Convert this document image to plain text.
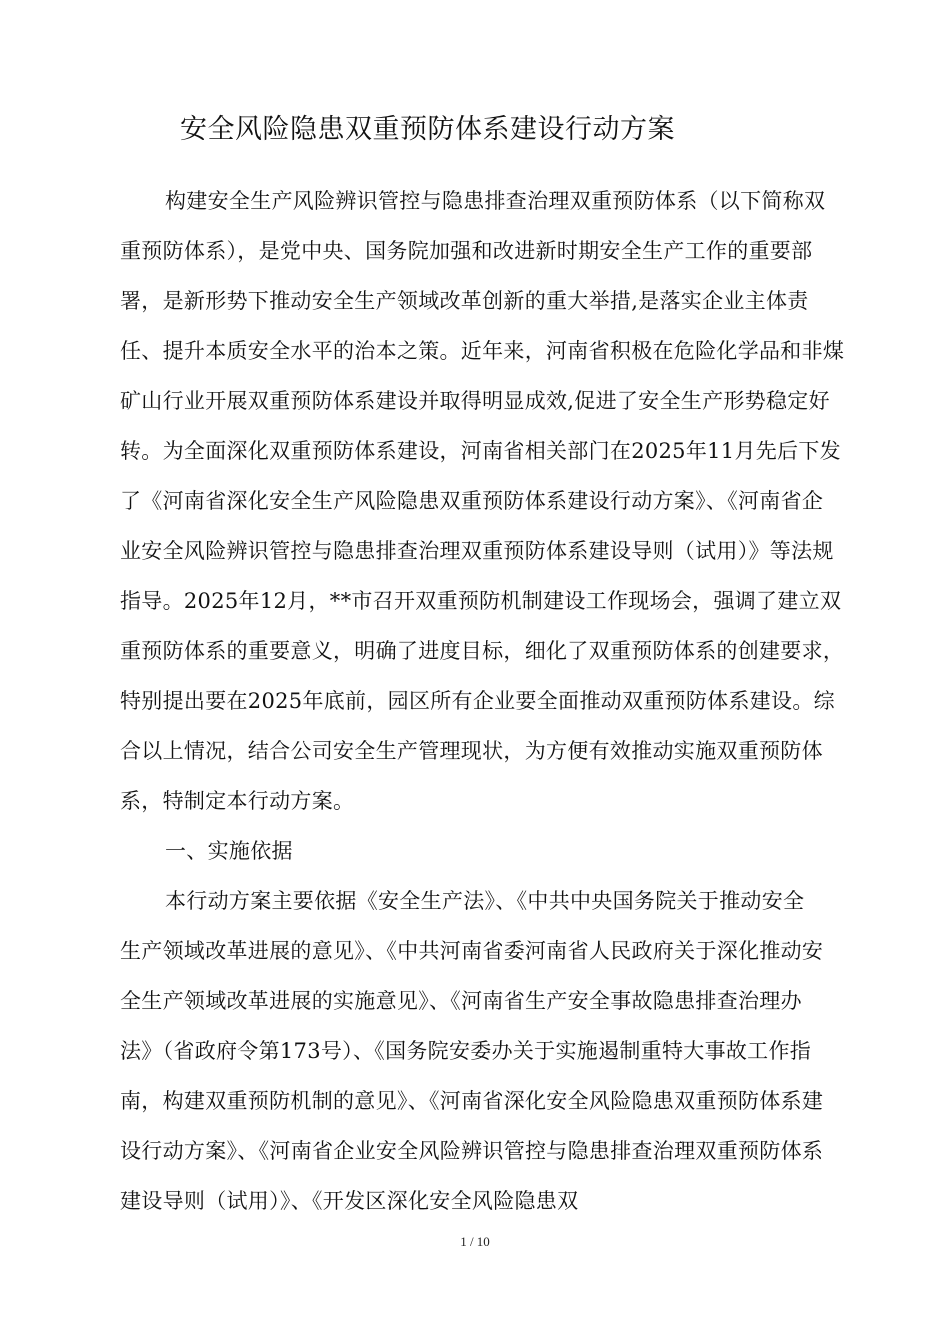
安全风险隐患双重预防体系建设行动方案
构建安全生产风险辨识管控与隐患排查治理双重预防体系（以下简称双
重预防体系），是党中央、国务院加强和改进新时期安全生产工作的重要部
署，是新形势下推动安全生产领域改革创新的重大举措,是落实企业主体责
任、提升本质安全水平的治本之策。近年来，河南省积极在危险化学品和非煤
矿山行业开展双重预防体系建设并取得明显成效,促进了安全生产形势稳定好
转。为全面深化双重预防体系建设，河南省相关部门在2025年11月先后下发
了《河南省深化安全生产风险隐患双重预防体系建设行动方案》、《河南省企
业安全风险辨识管控与隐患排查治理双重预防体系建设导则（试用）》等法规
指导。2025年12月，**市召开双重预防机制建设工作现场会，强调了建立双
重预防体系的重要意义，明确了进度目标，细化了双重预防体系的创建要求，
特别提出要在2025年底前，园区所有企业要全面推动双重预防体系建设。综
合以上情况，结合公司安全生产管理现状，为方便有效推动实施双重预防体
系，特制定本行动方案。
一、实施依据
本行动方案主要依据《安全生产法》、《中共中央国务院关于推动安全
生产领域改革进展的意见》、《中共河南省委河南省人民政府关于深化推动安
全生产领域改革进展的实施意见》、《河南省生产安全事故隐患排查治理办
法》（省政府令第173号）、《国务院安委办关于实施遏制重特大事故工作指
南，构建双重预防机制的意见》、《河南省深化安全风险隐患双重预防体系建
设行动方案》、《河南省企业安全风险辨识管控与隐患排查治理双重预防体系
建设导则（试用）》、《开发区深化安全风险隐患双
1 / 10
